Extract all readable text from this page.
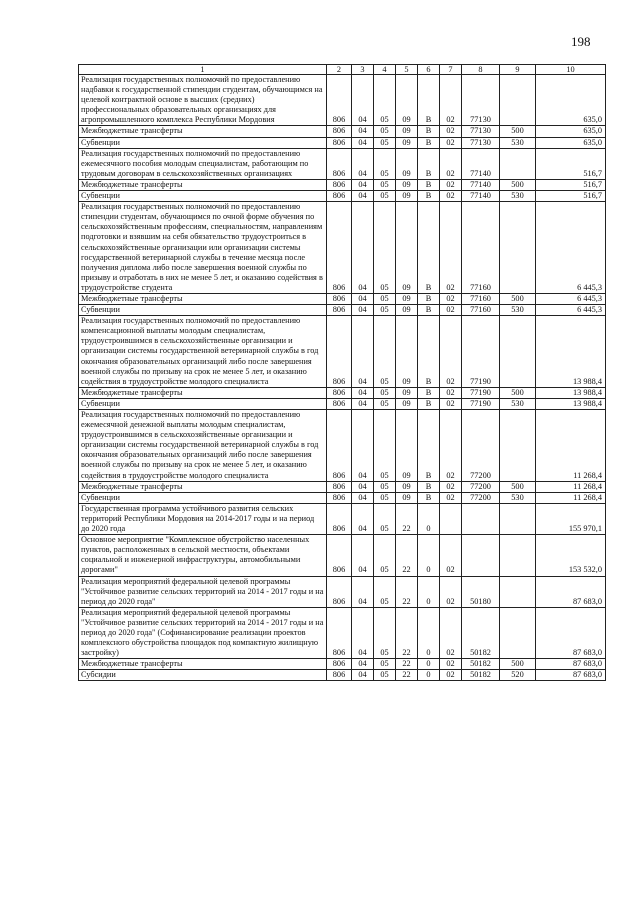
198
1	2	3	4	5	6	7	8	9	10
Реализация государственных полномочий по предоставлению надбавки к государственной стипендии студентам, обучающимся на целевой контрактной основе в высших (средних) профессиональных образовательных организациях для агропромышленного комплекса Республики Мордовия	806	04	05	09	В	02	77130		635,0
Межбюджетные трансферты	806	04	05	09	В	02	77130	500	635,0
Субвенции	806	04	05	09	В	02	77130	530	635,0
Реализация государственных полномочий по предоставлению ежемесячного пособия молодым специалистам, работающим по трудовым договорам в сельскохозяйственных организациях	806	04	05	09	В	02	77140		516,7
Межбюджетные трансферты	806	04	05	09	В	02	77140	500	516,7
Субвенции	806	04	05	09	В	02	77140	530	516,7
Реализация государственных полномочий по предоставлению стипендии студентам, обучающимся по очной форме обучения по сельскохозяйственным профессиям, специальностям, направлениям подготовки и взявшим на себя обязательство трудоустроиться в сельскохозяйственные организации или организации системы государственной ветеринарной службы в течение месяца после получения диплома либо после завершения военной службы по призыву и отработать в них не менее 5 лет, и оказанию содействия в трудоустройстве студента	806	04	05	09	В	02	77160		6 445,3
Межбюджетные трансферты	806	04	05	09	В	02	77160	500	6 445,3
Субвенции	806	04	05	09	В	02	77160	530	6 445,3
Реализация государственных полномочий по предоставлению компенсационной выплаты молодым специалистам, трудоустроившимся в сельскохозяйственные организации и организации системы государственной ветеринарной службы в год окончания образовательных организаций либо после завершения военной службы по призыву на срок не менее 5 лет, и оказанию содействия в трудоустройстве молодого специалиста	806	04	05	09	В	02	77190		13 988,4
Межбюджетные трансферты	806	04	05	09	В	02	77190	500	13 988,4
Субвенции	806	04	05	09	В	02	77190	530	13 988,4
Реализация государственных полномочий по предоставлению ежемесячной денежной выплаты молодым специалистам, трудоустроившимся в сельскохозяйственные организации и организации системы государственной ветеринарной службы в год окончания образовательных организаций либо после завершения военной службы по призыву на срок не менее 5 лет, и оказанию содействия в трудоустройстве молодого специалиста	806	04	05	09	В	02	77200		11 268,4
Межбюджетные трансферты	806	04	05	09	В	02	77200	500	11 268,4
Субвенции	806	04	05	09	В	02	77200	530	11 268,4
Государственная программа устойчивого развития сельских территорий Республики Мордовия на 2014-2017 годы и на период до 2020 года	806	04	05	22	0				155 970,1
Основное мероприятие "Комплексное обустройство населенных пунктов, расположенных в сельской местности, объектами социальной и инженерной инфраструктуры, автомобильными дорогами"	806	04	05	22	0	02			153 532,0
Реализация мероприятий федеральной целевой программы "Устойчивое развитие сельских территорий на 2014 - 2017 годы и на период до 2020 года"	806	04	05	22	0	02	50180		87 683,0
Реализация мероприятий федеральной целевой программы "Устойчивое развитие сельских территорий на 2014 - 2017 годы и на период до 2020 года" (Софинансирование реализации проектов комплексного обустройства площадок под компактную жилищную застройку)	806	04	05	22	0	02	50182		87 683,0
Межбюджетные трансферты	806	04	05	22	0	02	50182	500	87 683,0
Субсидии	806	04	05	22	0	02	50182	520	87 683,0
